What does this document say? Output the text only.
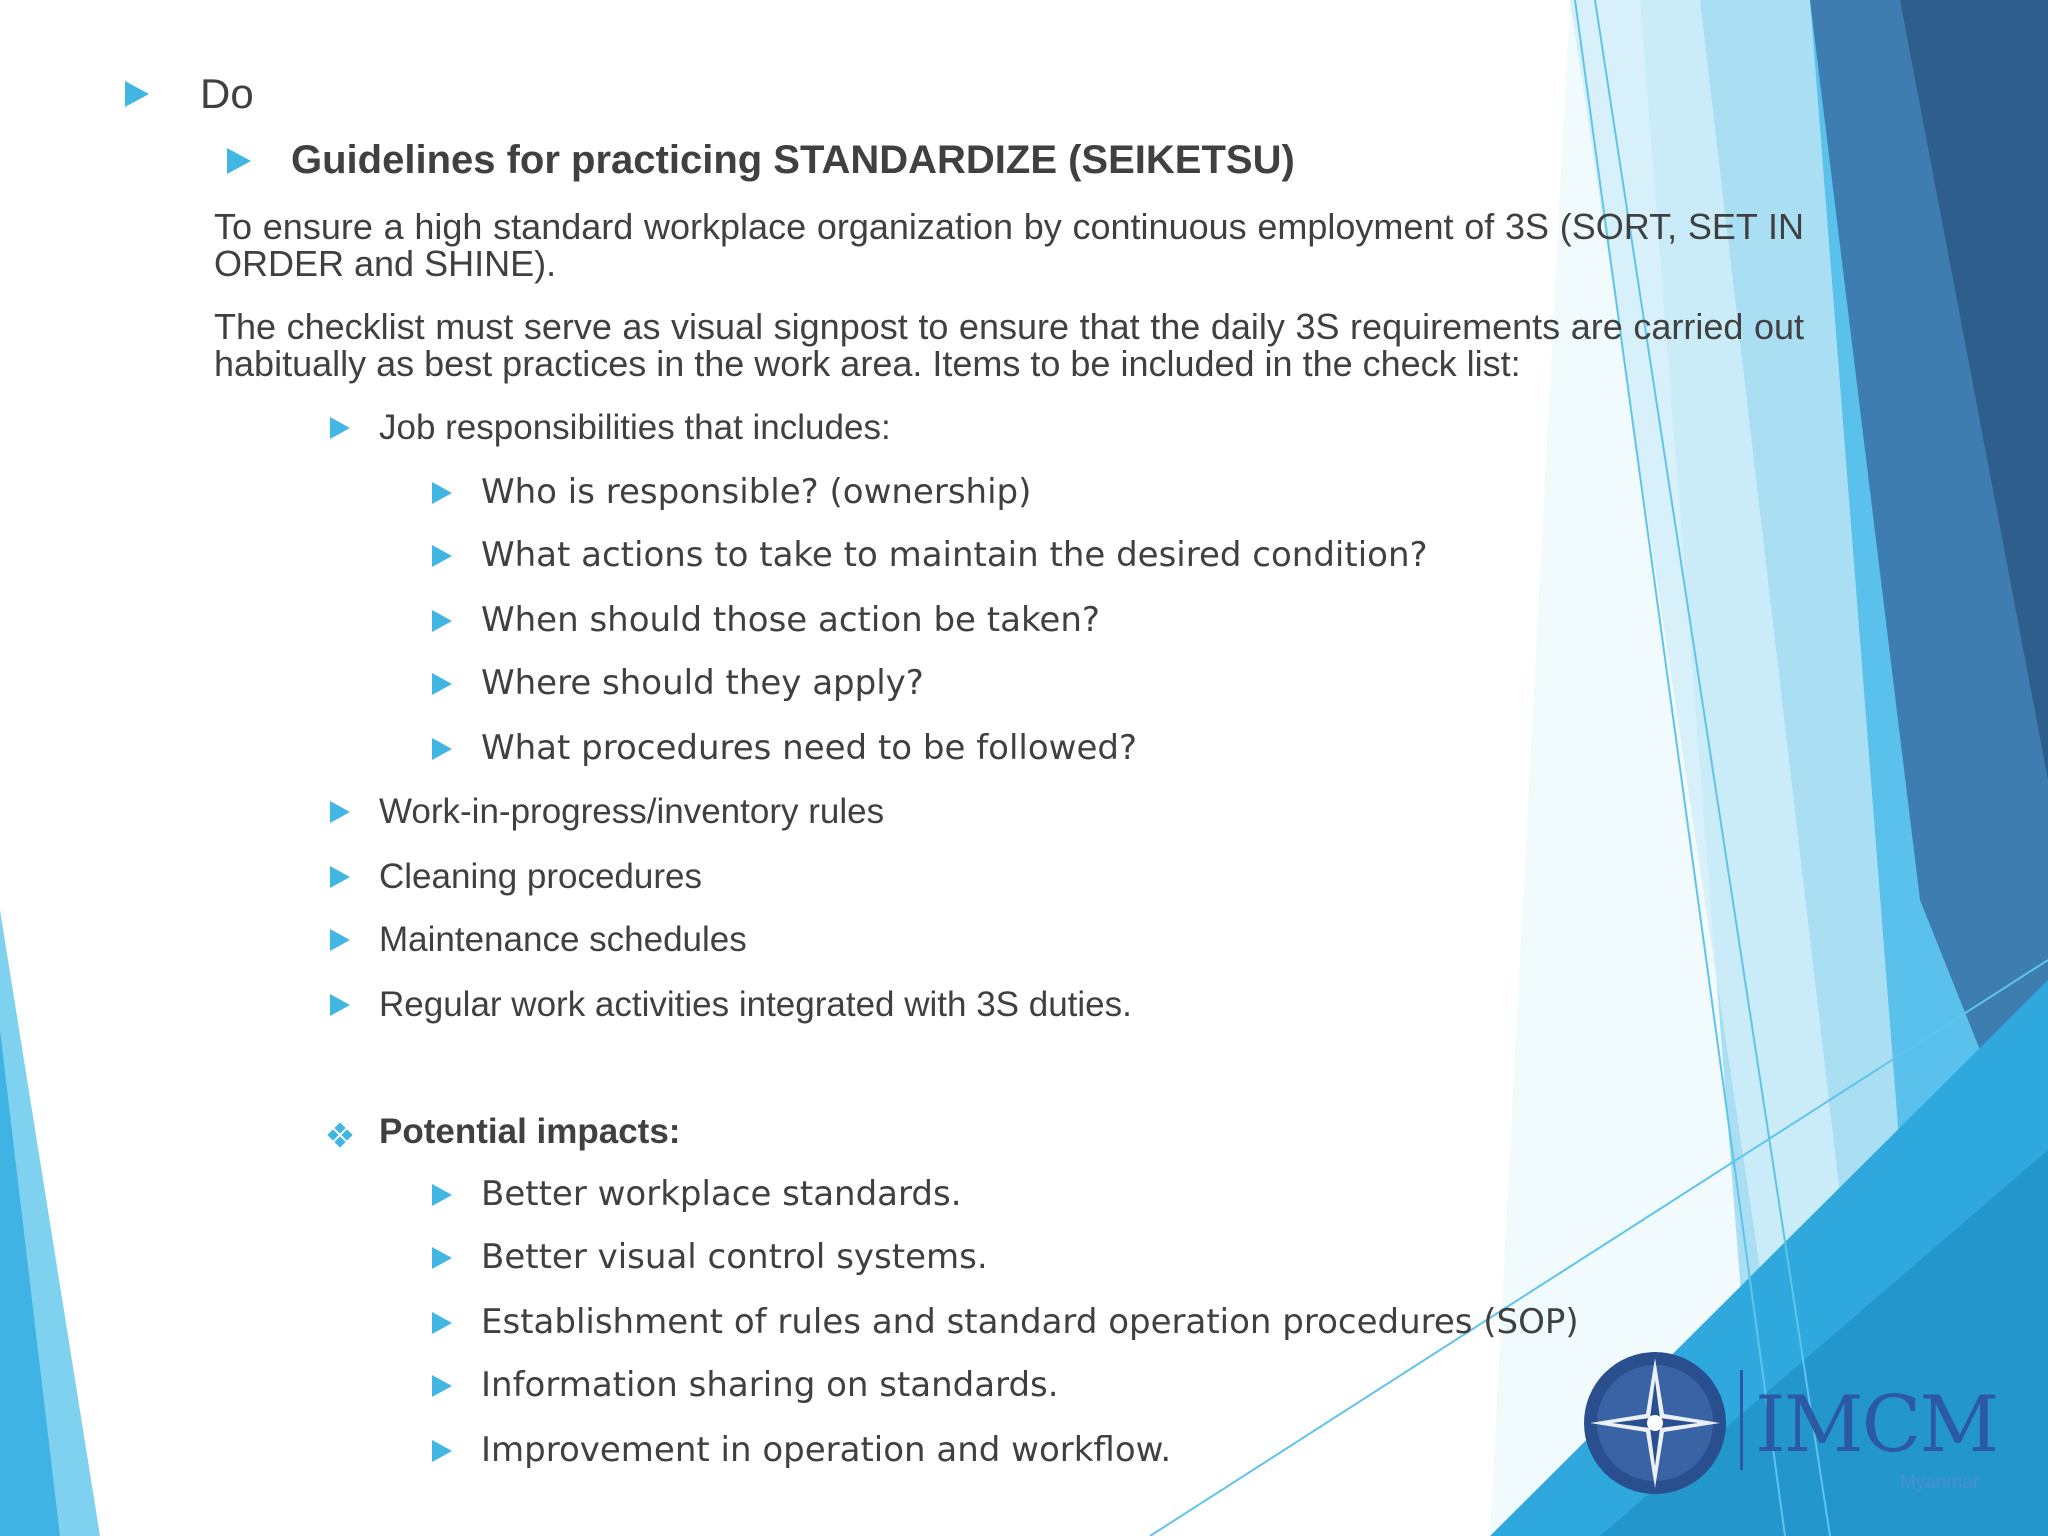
Do
Guidelines for practicing STANDARDIZE (SEIKETSU)
To ensure a high standard workplace organization by continuous employment of 3S (SORT, SET IN ORDER and SHINE).
The checklist must serve as visual signpost to ensure that the daily 3S requirements are carried out habitually as best practices in the work area. Items to be included in the check list:
Job responsibilities that includes:
Who is responsible? (ownership)
What actions to take to maintain the desired condition?
When should those action be taken?
Where should they apply?
What procedures need to be followed?
Work-in-progress/inventory rules
Cleaning procedures
Maintenance schedules
Regular work activities integrated with 3S duties.
Potential impacts:
Better workplace standards.
Better visual control systems.
Establishment of rules and standard operation procedures (SOP)
Information sharing on standards.
Improvement in operation and workflow.	IMCM
Myanmar
